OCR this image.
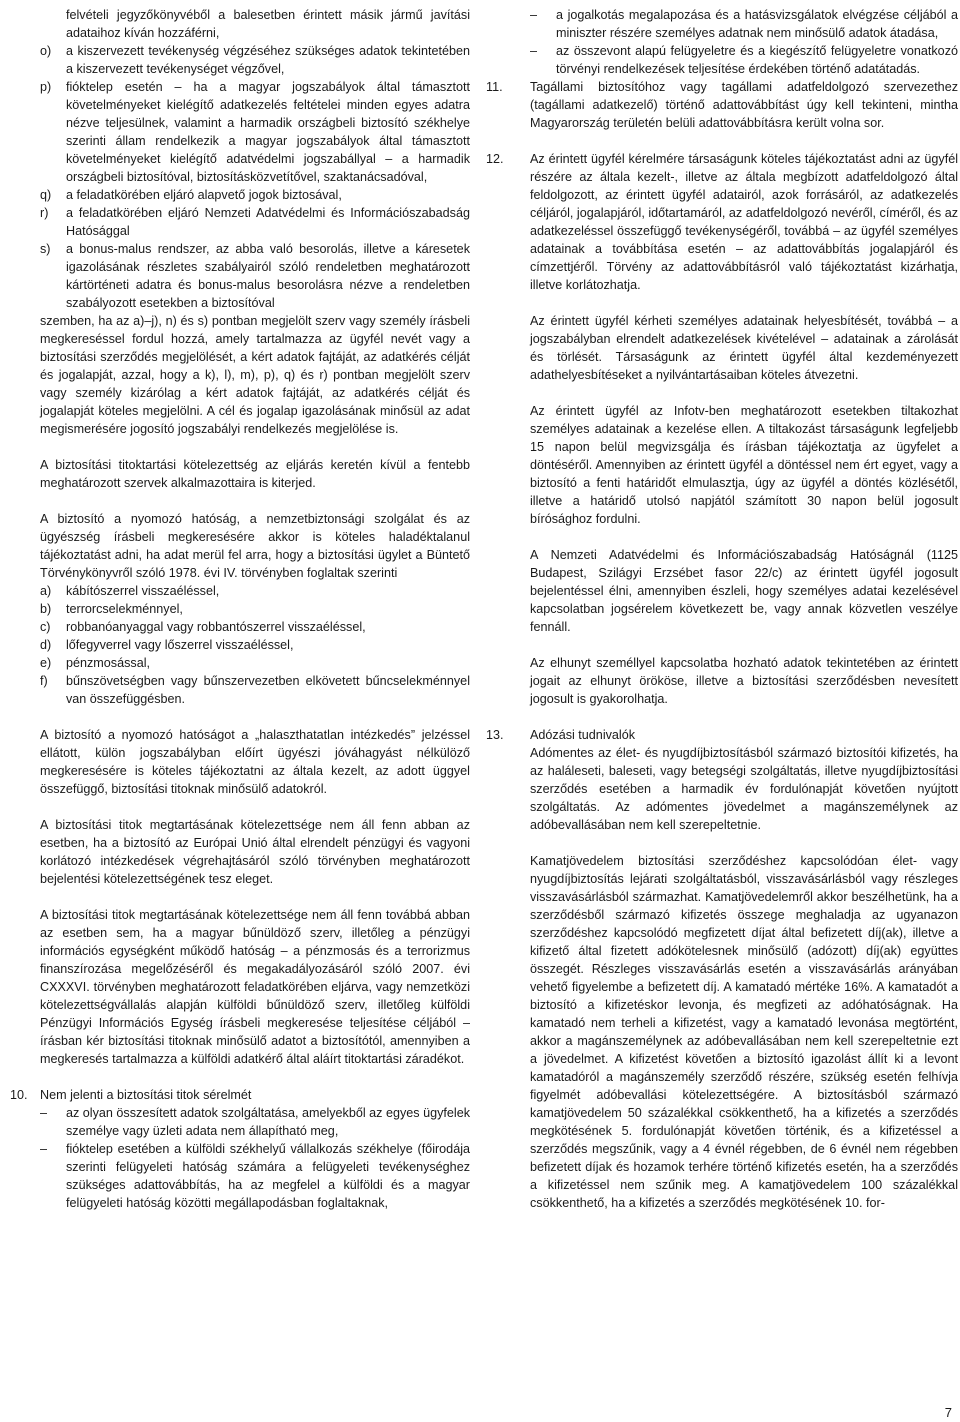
felvételi jegyzőkönyvéből a balesetben érintett másik jármű javítási adataihoz kíván hozzáférni,

o) a kiszervezett tevékenység végzéséhez szükséges adatok tekintetében a kiszervezett tevékenységet végzővel,
p) fióktelep esetén – ha a magyar jogszabályok által támasztott követelményeket kielégítő adatkezelés feltételei minden egyes adatra nézve teljesülnek, valamint a harmadik országbeli biztosító székhelye szerinti állam rendelkezik a magyar jogszabályok által támasztott követelményeket kielégítő adatvédelmi jogszabállyal – a harmadik országbeli biztosítóval, biztosításközvetítővel, szaktanácsadóval,
q) a feladatkörében eljáró alapvető jogok biztosával,
r) a feladatkörében eljáró Nemzeti Adatvédelmi és Információszabadság Hatósággal
s) a bonus-malus rendszer, az abba való besorolás, illetve a káresetek igazolásának részletes szabályairól szóló rendeletben meghatározott kártörténeti adatra és bonus-malus besorolásra nézve a rendeletben szabályozott esetekben a biztosítóval

szemben, ha az a)–j), n) és s) pontban megjelölt szerv vagy személy írásbeli megkereséssel fordul hozzá, amely tartalmazza az ügyfél nevét vagy a biztosítási szerződés megjelölését, a kért adatok fajtáját, az adatkérés célját és jogalapját, azzal, hogy a k), l), m), p), q) és r) pontban megjelölt szerv vagy személy kizárólag a kért adatok fajtáját, az adatkérés célját és jogalapját köteles megjelölni. A cél és jogalap igazolásának minősül az adat megismerésére jogosító jogszabályi rendelkezés megjelölése is.

A biztosítási titoktartási kötelezettség az eljárás keretén kívül a fentebb meghatározott szervek alkalmazottaira is kiterjed.

A biztosító a nyomozó hatóság, a nemzetbiztonsági szolgálat és az ügyészség írásbeli megkeresésére akkor is köteles haladéktalanul tájékoztatást adni, ha adat merül fel arra, hogy a biztosítási ügylet a Büntető Törvénykönyvről szóló 1978. évi IV. törvényben foglaltak szerinti

a) kábítószerrel visszaéléssel,
b) terrorcselekménnyel,
c) robbanóanyaggal vagy robbantószerrel visszaéléssel,
d) lőfegyverrel vagy lőszerrel visszaéléssel,
e) pénzmosással,
f) bűnszövetségben vagy bűnszervezetben elkövetett bűncselekménnyel van összefüggésben.

A biztosító a nyomozó hatóságot a „halaszthatatlan intézkedés” jelzéssel ellátott, külön jogszabályban előírt ügyészi jóváhagyást nélkülöző megkeresésére is köteles tájékoztatni az általa kezelt, az adott üggyel összefüggő, biztosítási titoknak minősülő adatokról.

A biztosítási titok megtartásának kötelezettsége nem áll fenn abban az esetben, ha a biztosító az Európai Unió által elrendelt pénzügyi és vagyoni korlátozó intézkedések végrehajtásáról szóló törvényben meghatározott bejelentési kötelezettségének tesz eleget.

A biztosítási titok megtartásának kötelezettsége nem áll fenn továbbá abban az esetben sem, ha a magyar bűnüldöző szerv, illetőleg a pénzügyi információs egységként működő hatóság – a pénzmosás és a terrorizmus finanszírozása megelőzéséről és megakadályozásáról szóló 2007. évi CXXXVI. törvényben meghatározott feladatkörében eljárva, vagy nemzetközi kötelezettségvállalás alapján külföldi bűnüldöző szerv, illetőleg külföldi Pénzügyi Információs Egység írásbeli megkeresése teljesítése céljából – írásban kér biztosítási titoknak minősülő adatot a biztosítótól, amennyiben a megkeresés tartalmazza a külföldi adatkérő által aláírt titoktartási záradékot.

10. Nem jelenti a biztosítási titok sérelmét

– az olyan összesített adatok szolgáltatása, amelyekből az egyes ügyfelek személye vagy üzleti adata nem állapítható meg,
– fióktelep esetében a külföldi székhelyű vállalkozás székhelye (főirodája szerinti felügyeleti hatóság számára a felügyeleti tevékenységhez szükséges adattovábbítás, ha az megfelel a külföldi és a magyar felügyeleti hatóság közötti megállapodásban foglaltaknak,
– a jogalkotás megalapozása és a hatásvizsgálatok elvégzése céljából a miniszter részére személyes adatnak nem minősülő adatok átadása,
– az összevont alapú felügyeletre és a kiegészítő felügyeletre vonatkozó törvényi rendelkezések teljesítése érdekében történő adatátadás.
11. Tagállami biztosítóhoz vagy tagállami adatfeldolgozó szervezethez (tagállami adatkezelő) történő adattovábbítást úgy kell tekinteni, mintha Magyarország területén belüli adattovábbításra került volna sor.

12. Az érintett ügyfél kérelmére társaságunk köteles tájékoztatást adni az ügyfél részére az általa kezelt-, illetve az általa megbízott adatfeldolgozó által feldolgozott, az érintett ügyfél adatairól, azok forrásáról, az adatkezelés céljáról, jogalapjáról, időtartamáról, az adatfeldolgozó nevéről, címéről, és az adatkezeléssel összefüggő tevékenységéről, továbbá – az ügyfél személyes adatainak a továbbítása esetén – az adattovábbítás jogalapjáról és címzettjéről. Törvény az adattovábbításról való tájékoztatást kizárhatja, illetve korlátozhatja.

Az érintett ügyfél kérheti személyes adatainak helyesbítését, továbbá – a jogszabályban elrendelt adatkezelések kivételével – adatainak a zárolását és törlését. Társaságunk az érintett ügyfél által kezdeményezett adathelyesbítéseket a nyilvántartásaiban köteles átvezetni.

Az érintett ügyfél az Infotv-ben meghatározott esetekben tiltakozhat személyes adatainak a kezelése ellen. A tiltakozást társaságunk legfeljebb 15 napon belül megvizsgálja és írásban tájékoztatja az ügyfelet a döntéséről. Amennyiben az érintett ügyfél a döntéssel nem ért egyet, vagy a biztosító a fenti határidőt elmulasztja, úgy az ügyfél a döntés közlésétől, illetve a határidő utolsó napjától számított 30 napon belül jogosult bírósághoz fordulni.

A Nemzeti Adatvédelmi és Információszabadság Hatóságnál (1125 Budapest, Szilágyi Erzsébet fasor 22/c) az érintett ügyfél jogosult bejelentéssel élni, amennyiben észleli, hogy személyes adatai kezelésével kapcsolatban jogsérelem következett be, vagy annak közvetlen veszélye fennáll.

Az elhunyt személlyel kapcsolatba hozható adatok tekintetében az érintett jogait az elhunyt örököse, illetve a biztosítási szerződésben nevesített jogosult is gyakorolhatja.

13. Adózási tudnivalók

Adómentes az élet- és nyugdíjbiztosításból származó biztosítói kifizetés, ha az haláleseti, baleseti, vagy betegségi szolgáltatás, illetve nyugdíjbiztosítási szerződés esetében a harmadik év fordulónapját követően nyújtott szolgáltatás. Az adómentes jövedelmet a magánszemélynek az adóbevallásában nem kell szerepeltetnie.

Kamatjövedelem biztosítási szerződéshez kapcsolódóan élet- vagy nyugdíjbiztosítás lejárati szolgáltatásból, visszavásárlásból vagy részleges visszavásárlásból származhat. Kamatjövedelemről akkor beszélhetünk, ha a szerződésből származó kifizetés összege meghaladja az ugyanazon szerződéshez kapcsolódó megfizetett díjat által befizetett díj(ak), illetve a kifizető által fizetett adókötelesnek minősülő (adózott) díj(ak) együttes összegét. Részleges visszavásárlás esetén a visszavásárlás arányában vehető figyelembe a befizetett díj. A kamatadó mértéke 16%. A kamatadót a biztosító a kifizetéskor levonja, és megfizeti az adóhatóságnak. Ha kamatadó nem terheli a kifizetést, vagy a kamatadó levonása megtörtént, akkor a magánszemélynek az adóbevallásában nem kell szerepeltetnie ezt a jövedelmet. A kifizetést követően a biztosító igazolást állít ki a levont kamatadóról a magánszemély szerződő részére, szükség esetén felhívja figyelmét adóbevallási kötelezettségére. A biztosításból származó kamatjövedelem 50 százalékkal csökkenthető, ha a kifizetés a szerződés megkötésének 5. fordulónapját követően történik, és a kifizetéssel a szerződés megszűnik, vagy a 4 évnél régebben, de 6 évnél nem régebben befizetett díjak és hozamok terhére történő kifizetés esetén, ha a szerződés a kifizetéssel nem szűnik meg. A kamatjövedelem 100 százalékkal csökkenthető, ha a kifizetés a szerződés megkötésének 10. for-

7
